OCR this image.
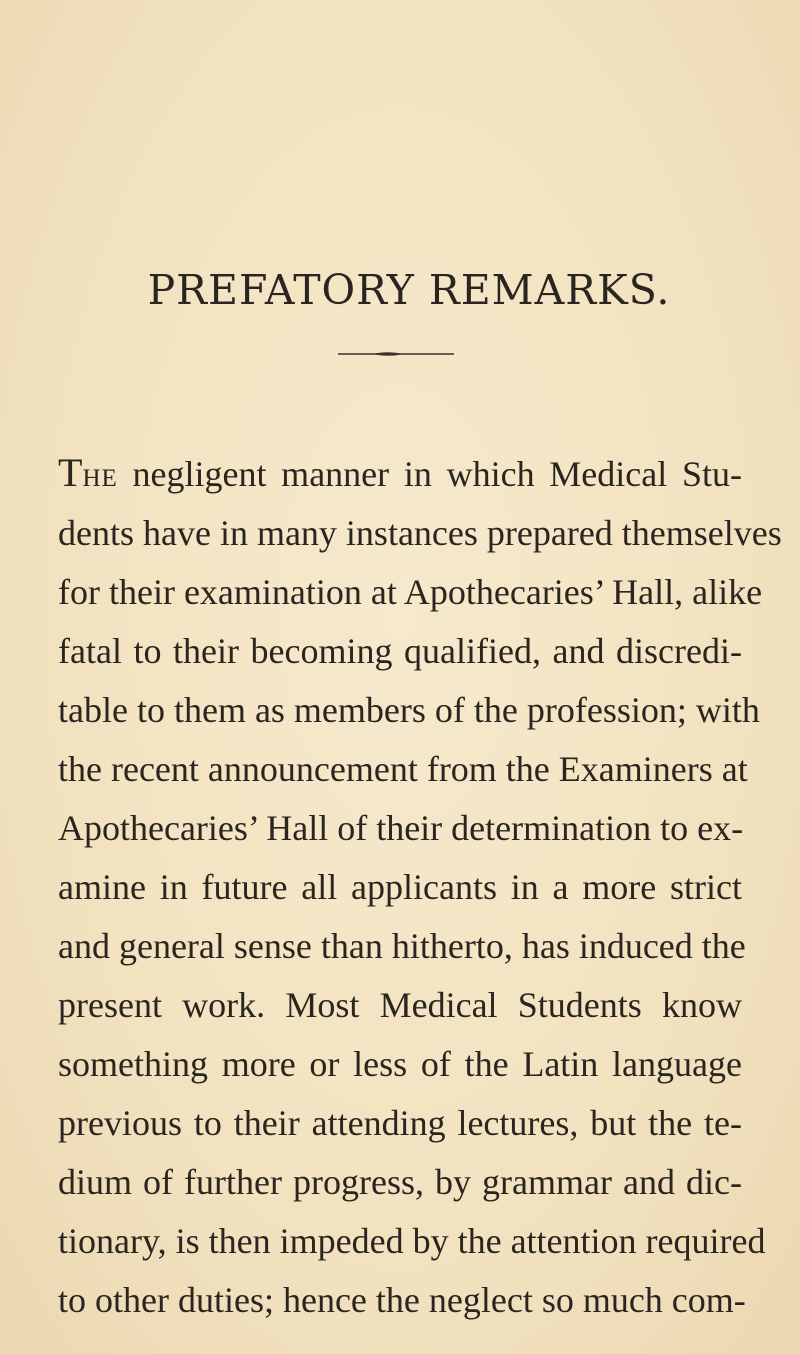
PREFATORY REMARKS.

The negligent manner in which Medical Stu-
dents have in many instances prepared themselves
for their examination at Apothecaries’ Hall, alike
fatal to their becoming qualified, and discredi-
table to them as members of the profession; with
the recent announcement from the Examiners at
Apothecaries’ Hall of their determination to ex-
amine in future all applicants in a more strict
and general sense than hitherto, has induced the
present work. Most Medical Students know
something more or less of the Latin language
previous to their attending lectures, but the te-
dium of further progress, by grammar and dic-
tionary, is then impeded by the attention required
to other duties; hence the neglect so much com-
